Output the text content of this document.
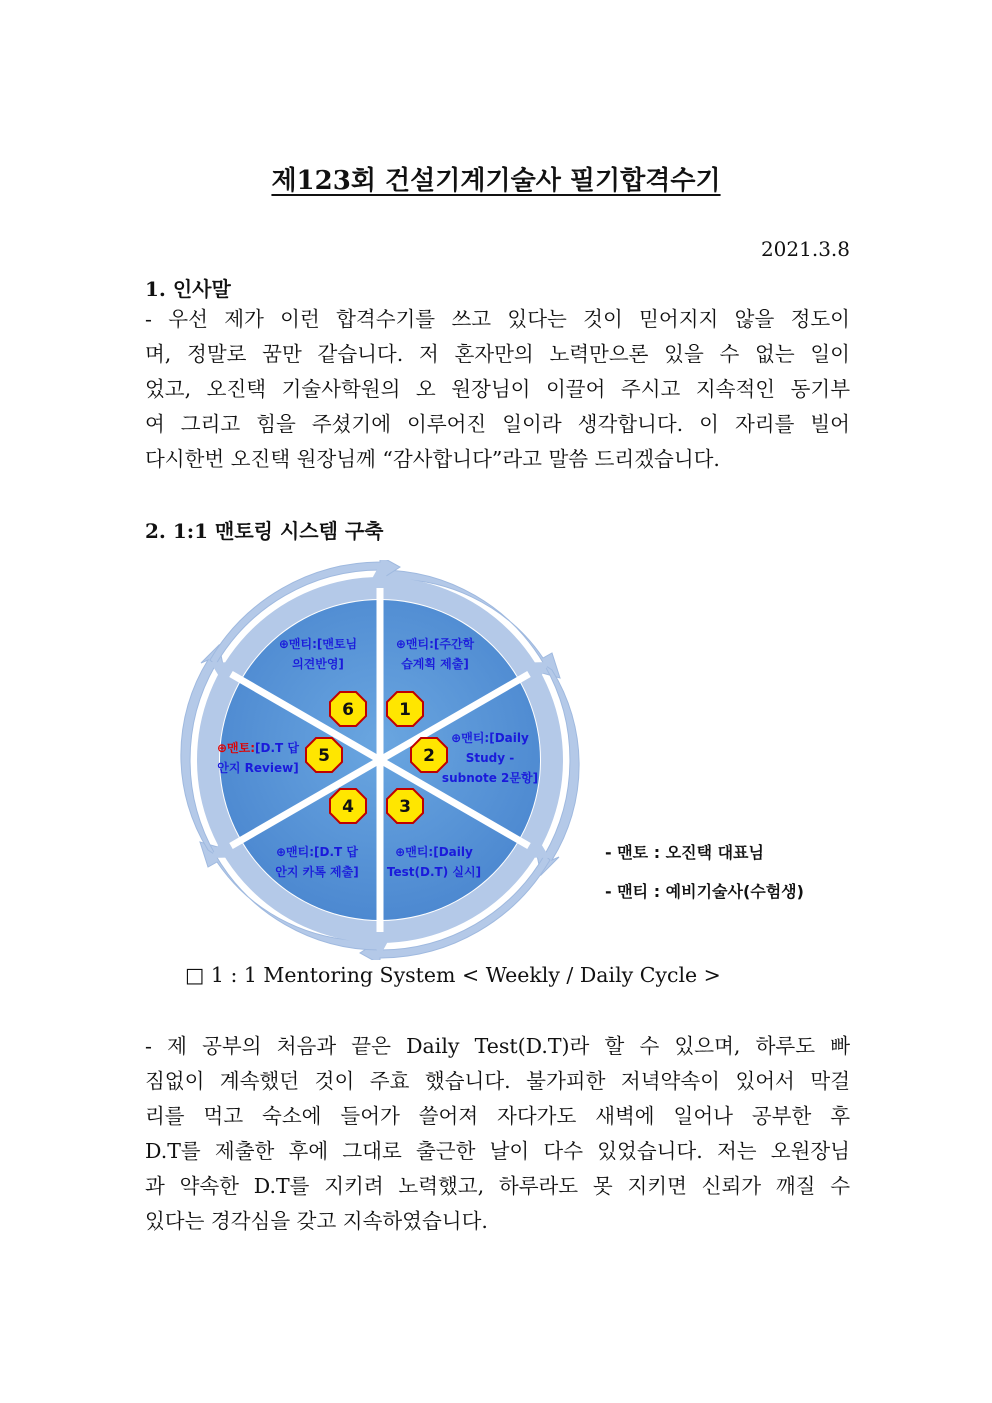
제123회 건설기계기술사 필기합격수기
2021.3.8
1. 인사말
- 우선 제가 이런 합격수기를 쓰고 있다는 것이 믿어지지 않을 정도이
며, 정말로 꿈만 같습니다. 저 혼자만의 노력만으론 있을 수 없는 일이
었고, 오진택 기술사학원의 오 원장님이 이끌어 주시고 지속적인 동기부
여 그리고 힘을 주셨기에 이루어진 일이라 생각합니다. 이 자리를 빌어
다시한번 오진택 원장님께 “감사합니다”라고 말씀 드리겠습니다.
2. 1:1 맨토링 시스템 구축
⊕맨티:[주간학
습계획 제출]
⊕맨티:[Daily
Study -
subnote 2문항]
⊕맨티:[Daily
Test(D.T) 실시]
⊕맨티:[D.T 답
안지 카톡 제출]
⊕맨토:[D.T 답
안지 Review]
⊕맨티:[맨토님
의견반영]
1
2
3
4
5
6
- 맨토 : 오진택 대표님
- 맨티 : 예비기술사(수험생)
□ 1 : 1 Mentoring System < Weekly / Daily Cycle >
- 제 공부의 처음과 끝은 Daily Test(D.T)라 할 수 있으며, 하루도 빠
짐없이 계속했던 것이 주효 했습니다. 불가피한 저녁약속이 있어서 막걸
리를 먹고 숙소에 들어가 쓸어져 자다가도 새벽에 일어나 공부한 후
D.T를 제출한 후에 그대로 출근한 날이 다수 있었습니다. 저는 오원장님
과 약속한 D.T를 지키려 노력했고, 하루라도 못 지키면 신뢰가 깨질 수
있다는 경각심을 갖고 지속하였습니다.
